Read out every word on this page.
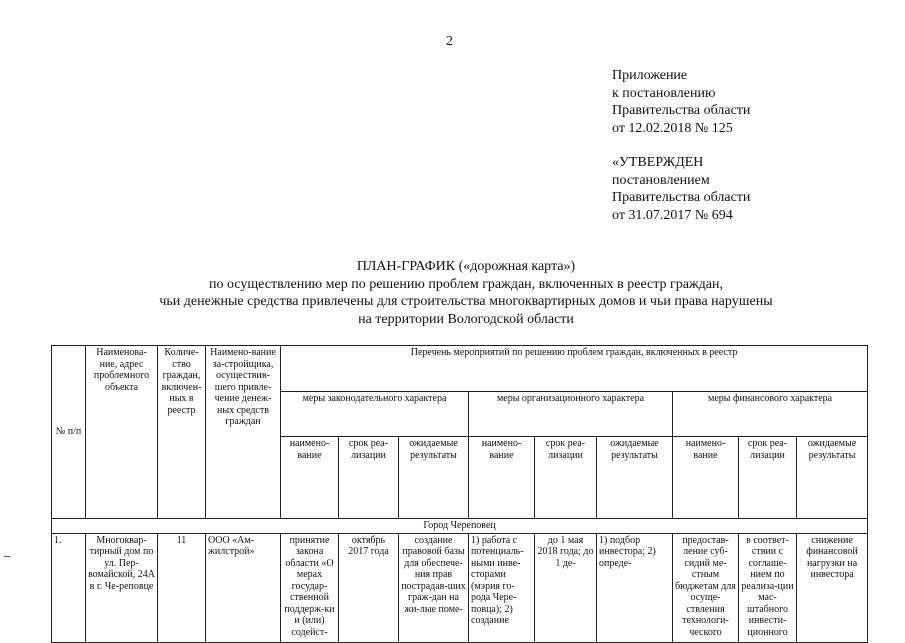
2
Приложение
к постановлению
Правительства области
от 12.02.2018 № 125
«УТВЕРЖДЕН
постановлением
Правительства области
от 31.07.2017 № 694
ПЛАН-ГРАФИК («дорожная карта»)
по осуществлению мер по решению проблем граждан, включенных в реестр граждан,
чьи денежные средства привлечены для строительства многоквартирных домов и чьи права нарушены
на территории Вологодской области
№ п/п	Наименова-ние, адрес проблемного объекта	Количе-ство граждан, включен-ных в реестр	Наимено-вание за-стройщика, осуществив-шего привле-чение денеж-ных средств граждан	Перечень мероприятий по решению проблем граждан, включенных в реестр								
				меры законодательного характера			меры организационного характера			меры финансового характера		
				наимено-вание	срок реа-лизации	ожидаемые результаты	наимено-вание	срок реа-лизации	ожидаемые результаты	наимено-вание	срок реа-лизации	ожидаемые результаты
Город Череповец												
1.	Многоквар-тирный дом по ул. Пер-вомайской, 24А в г. Че-реповце	11	ООО «Ам-жилстрой»	принятие закона области «О мерах государ-ственной поддерж-ки и (или) содейст-	октябрь 2017 года	создание правовой базы для обеспече-ния прав пострадав-ших граж-дан на жи-лые поме-	1) работа с потенциаль-ными инве-сторами (мэрия го-рода Чере-повца); 2) создание	до 1 мая 2018 года; до 1 де-	1) подбор инвестора; 2) опреде-	предостав-ление суб-сидий ме-стным бюджетам для осуще-ствления технологи-ческого	в соответ-ствии с соглаше-нием по реализа-ции мас-штабного инвести-ционного	снижение финансовой нагрузки на инвестора
